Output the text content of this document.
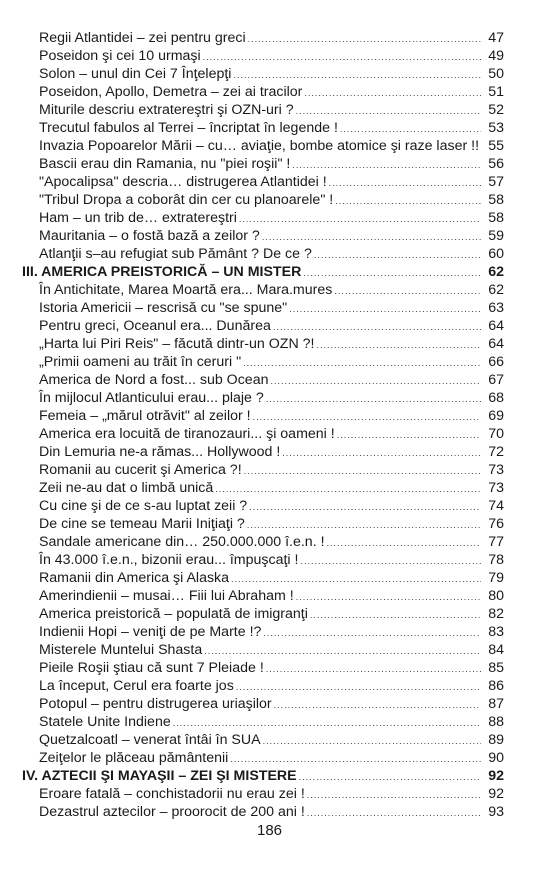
Regii Atlantidei – zei pentru greci .....	47
Poseidon şi cei 10 urmaşi .....	49
Solon – unul din Cei 7 Înţelepţi .....	50
Poseidon, Apollo, Demetra – zei ai tracilor .....	51
Miturile descriu extratereştri şi OZN-uri ? .....	52
Trecutul fabulos al Terrei – încriptat în legende ! .....	53
Invazia Popoarelor Mării – cu… aviaţie, bombe atomice şi raze laser !! 55
Bascii erau din Ramania, nu "piei roşii" ! .....	56
"Apocalipsa" descria… distrugerea Atlantidei ! .....	57
"Tribul Dropa a coborât din cer cu planoarele" ! .....	58
Ham – un trib de… extratereştri .....	58
Mauritania – o fostă bază a zeilor ? .....	59
Atlanţii s–au refugiat sub Pământ ? De ce ? .....	60
III. AMERICA PREISTORICĂ – UN MISTER .....	62
În Antichitate, Marea Moartă era... Mara.mures .....	62
Istoria Americii – rescrisă cu "se spune" .....	63
Pentru greci, Oceanul era... Dunărea .....	64
„Harta lui Piri Reis" – făcută dintr-un OZN ?! .....	64
„Primii oameni au trăit în ceruri " .....	66
America de Nord a fost... sub Ocean .....	67
În mijlocul Atlanticului erau... plaje ? .....	68
Femeia – „mărul otrăvit" al zeilor ! .....	69
America era locuită de tiranozauri... şi oameni ! .....	70
Din Lemuria ne-a rămas... Hollywood ! .....	72
Romanii au cucerit şi America ?! .....	73
Zeii ne-au dat o limbă unică .....	73
Cu cine şi de ce s-au luptat zeii ? .....	74
De cine se temeau Marii Iniţiaţi ? .....	76
Sandale americane din… 250.000.000 î.e.n. ! .....	77
În 43.000 î.e.n., bizonii erau... împuşcaţi ! .....	78
Ramanii din America şi Alaska .....	79
Amerindienii – musai… Fiii lui Abraham ! .....	80
America preistorică – populată de imigranţi .....	82
Indienii Hopi – veniţi de pe Marte !? .....	83
Misterele Muntelui Shasta .....	84
Pieile Roşii ştiau că sunt 7 Pleiade ! .....	85
La început, Cerul era foarte jos .....	86
Potopul – pentru distrugerea uriaşilor .....	87
Statele Unite Indiene .....	88
Quetzalcoatl – venerat întâi în SUA .....	89
Zeiţelor le plăceau pământenii .....	90
IV. AZTECII ŞI MAYAŞII – ZEI ŞI MISTERE .....	92
Eroare fatală – conchistadorii nu erau zei ! .....	92
Dezastrul aztecilor – proorocit de 200 ani ! .....	93
186
